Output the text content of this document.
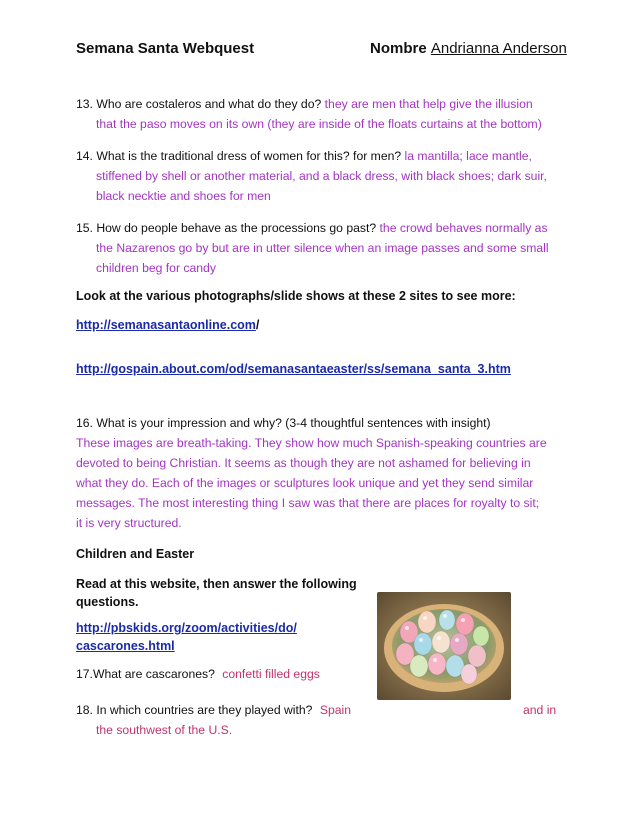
Semana Santa Webquest	Nombre Andrianna Anderson
13. Who are costaleros and what do they do? they are men that help give the illusion
that the paso moves on its own (they are inside of the floats curtains at the bottom)
14. What is the traditional dress of women for this? for men? la mantilla; lace mantle,
stiffened by shell or another material, and a black dress, with black shoes; dark suir,
black necktie and shoes for men
15. How do people behave as the processions go past? the crowd behaves normally as
the Nazarenos go by but are in utter silence when an image passes and some small
children beg for candy
Look at the various photographs/slide shows at these 2 sites to see more:
http://semanasantaonline.com/
http://gospain.about.com/od/semanasantaeaster/ss/semana_santa_3.htm
16. What is your impression and why? (3-4 thoughtful sentences with insight)
These images are breath-taking. They show how much Spanish-speaking countries are
devoted to being Christian. It seems as though they are not ashamed for believing in
what they do. Each of the images or sculptures look unique and yet they send similar
messages. The most interesting thing I saw was that there are places for royalty to sit;
it is very structured.
Children and Easter
Read at this website, then answer the following
questions.
http://pbskids.org/zoom/activities/do/
cascarones.html
17.What are cascarones? confetti filled eggs
18. In which countries are they played with? Spain	and in
the southwest of the U.S.
